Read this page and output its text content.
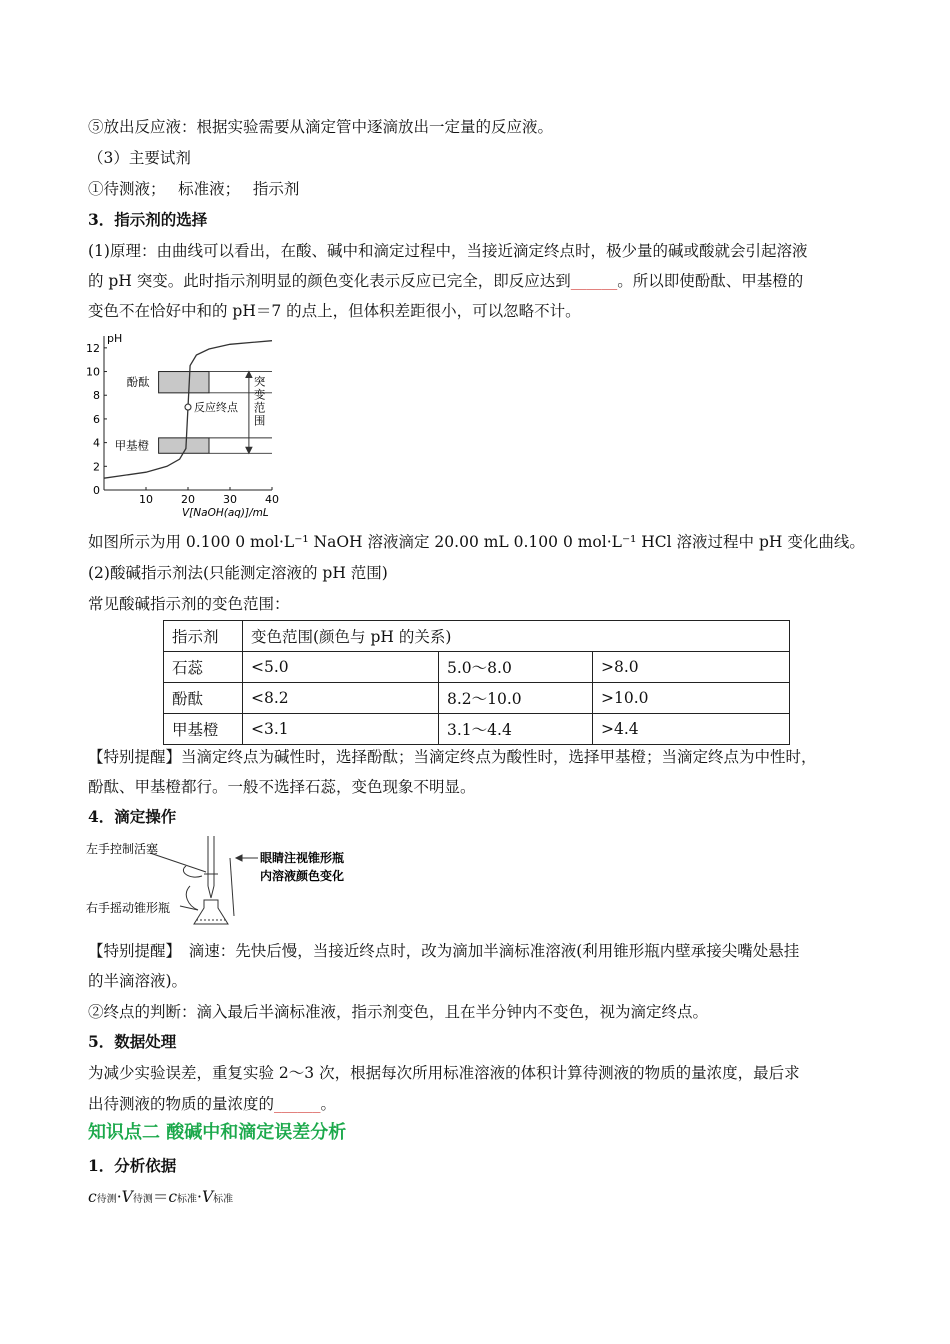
⑤放出反应液：根据实验需要从滴定管中逐滴放出一定量的反应液。
（3）主要试剂
①待测液；　 标准液；　 指示剂
3．指示剂的选择
(1)原理：由曲线可以看出，在酸、碱中和滴定过程中，当接近滴定终点时，极少量的碱或酸就会引起溶液
的 pH 突变。此时指示剂明显的颜色变化表示反应已完全，即反应达到______。所以即使酚酞、甲基橙的
变色不在恰好中和的 pH＝7 的点上，但体积差距很小，可以忽略不计。
pH
V[NaOH(aq)]/mL
12
10
8
6
4
2
0
10	20	30	40
反应终点
酚酞
甲基橙
突
变
范
围
如图所示为用 0.100 0 mol·L⁻¹ NaOH 溶液滴定 20.00 mL 0.100 0 mol·L⁻¹ HCl 溶液过程中 pH 变化曲线。
(2)酸碱指示剂法(只能测定溶液的 pH 范围)
常见酸碱指示剂的变色范围：
指示剂	变色范围(颜色与 pH 的关系)		
石蕊	<5.0	5.0～8.0	>8.0
酚酞	<8.2	8.2～10.0	>10.0
甲基橙	<3.1	3.1～4.4	>4.4
【特别提醒】当滴定终点为碱性时，选择酚酞；当滴定终点为酸性时，选择甲基橙；当滴定终点为中性时，
酚酞、甲基橙都行。一般不选择石蕊，变色现象不明显。
4．滴定操作
左手控制活塞
右手摇动锥形瓶
眼睛注视锥形瓶
内溶液颜色变化
【特别提醒】　滴速：先快后慢，当接近终点时，改为滴加半滴标准溶液(利用锥形瓶内壁承接尖嘴处悬挂
的半滴溶液)。
②终点的判断：滴入最后半滴标准液，指示剂变色，且在半分钟内不变色，视为滴定终点。
5．数据处理
为减少实验误差，重复实验 2～3 次，根据每次所用标准溶液的体积计算待测液的物质的量浓度，最后求
出待测液的物质的量浓度的______。
知识点二 酸碱中和滴定误差分析
1．分析依据
c待测·V待测＝c标准·V标准
